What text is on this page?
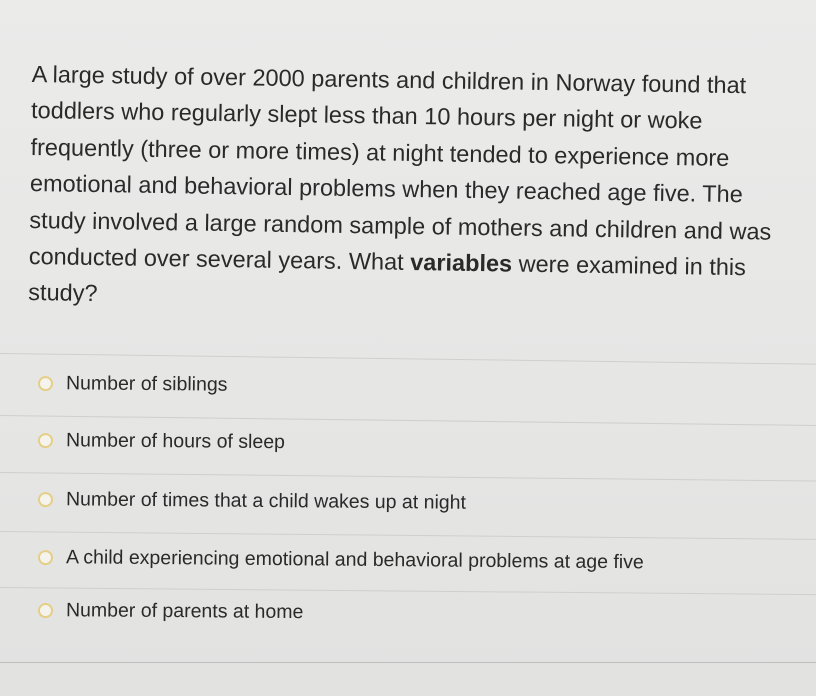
A large study of over 2000 parents and children in Norway found that toddlers who regularly slept less than 10 hours per night or woke frequently (three or more times) at night tended to experience more emotional and behavioral problems when they reached age five. The study involved a large random sample of mothers and children and was conducted over several years. What variables were examined in this study?

Number of siblings
Number of hours of sleep
Number of times that a child wakes up at night
A child experiencing emotional and behavioral problems at age five
Number of parents at home
